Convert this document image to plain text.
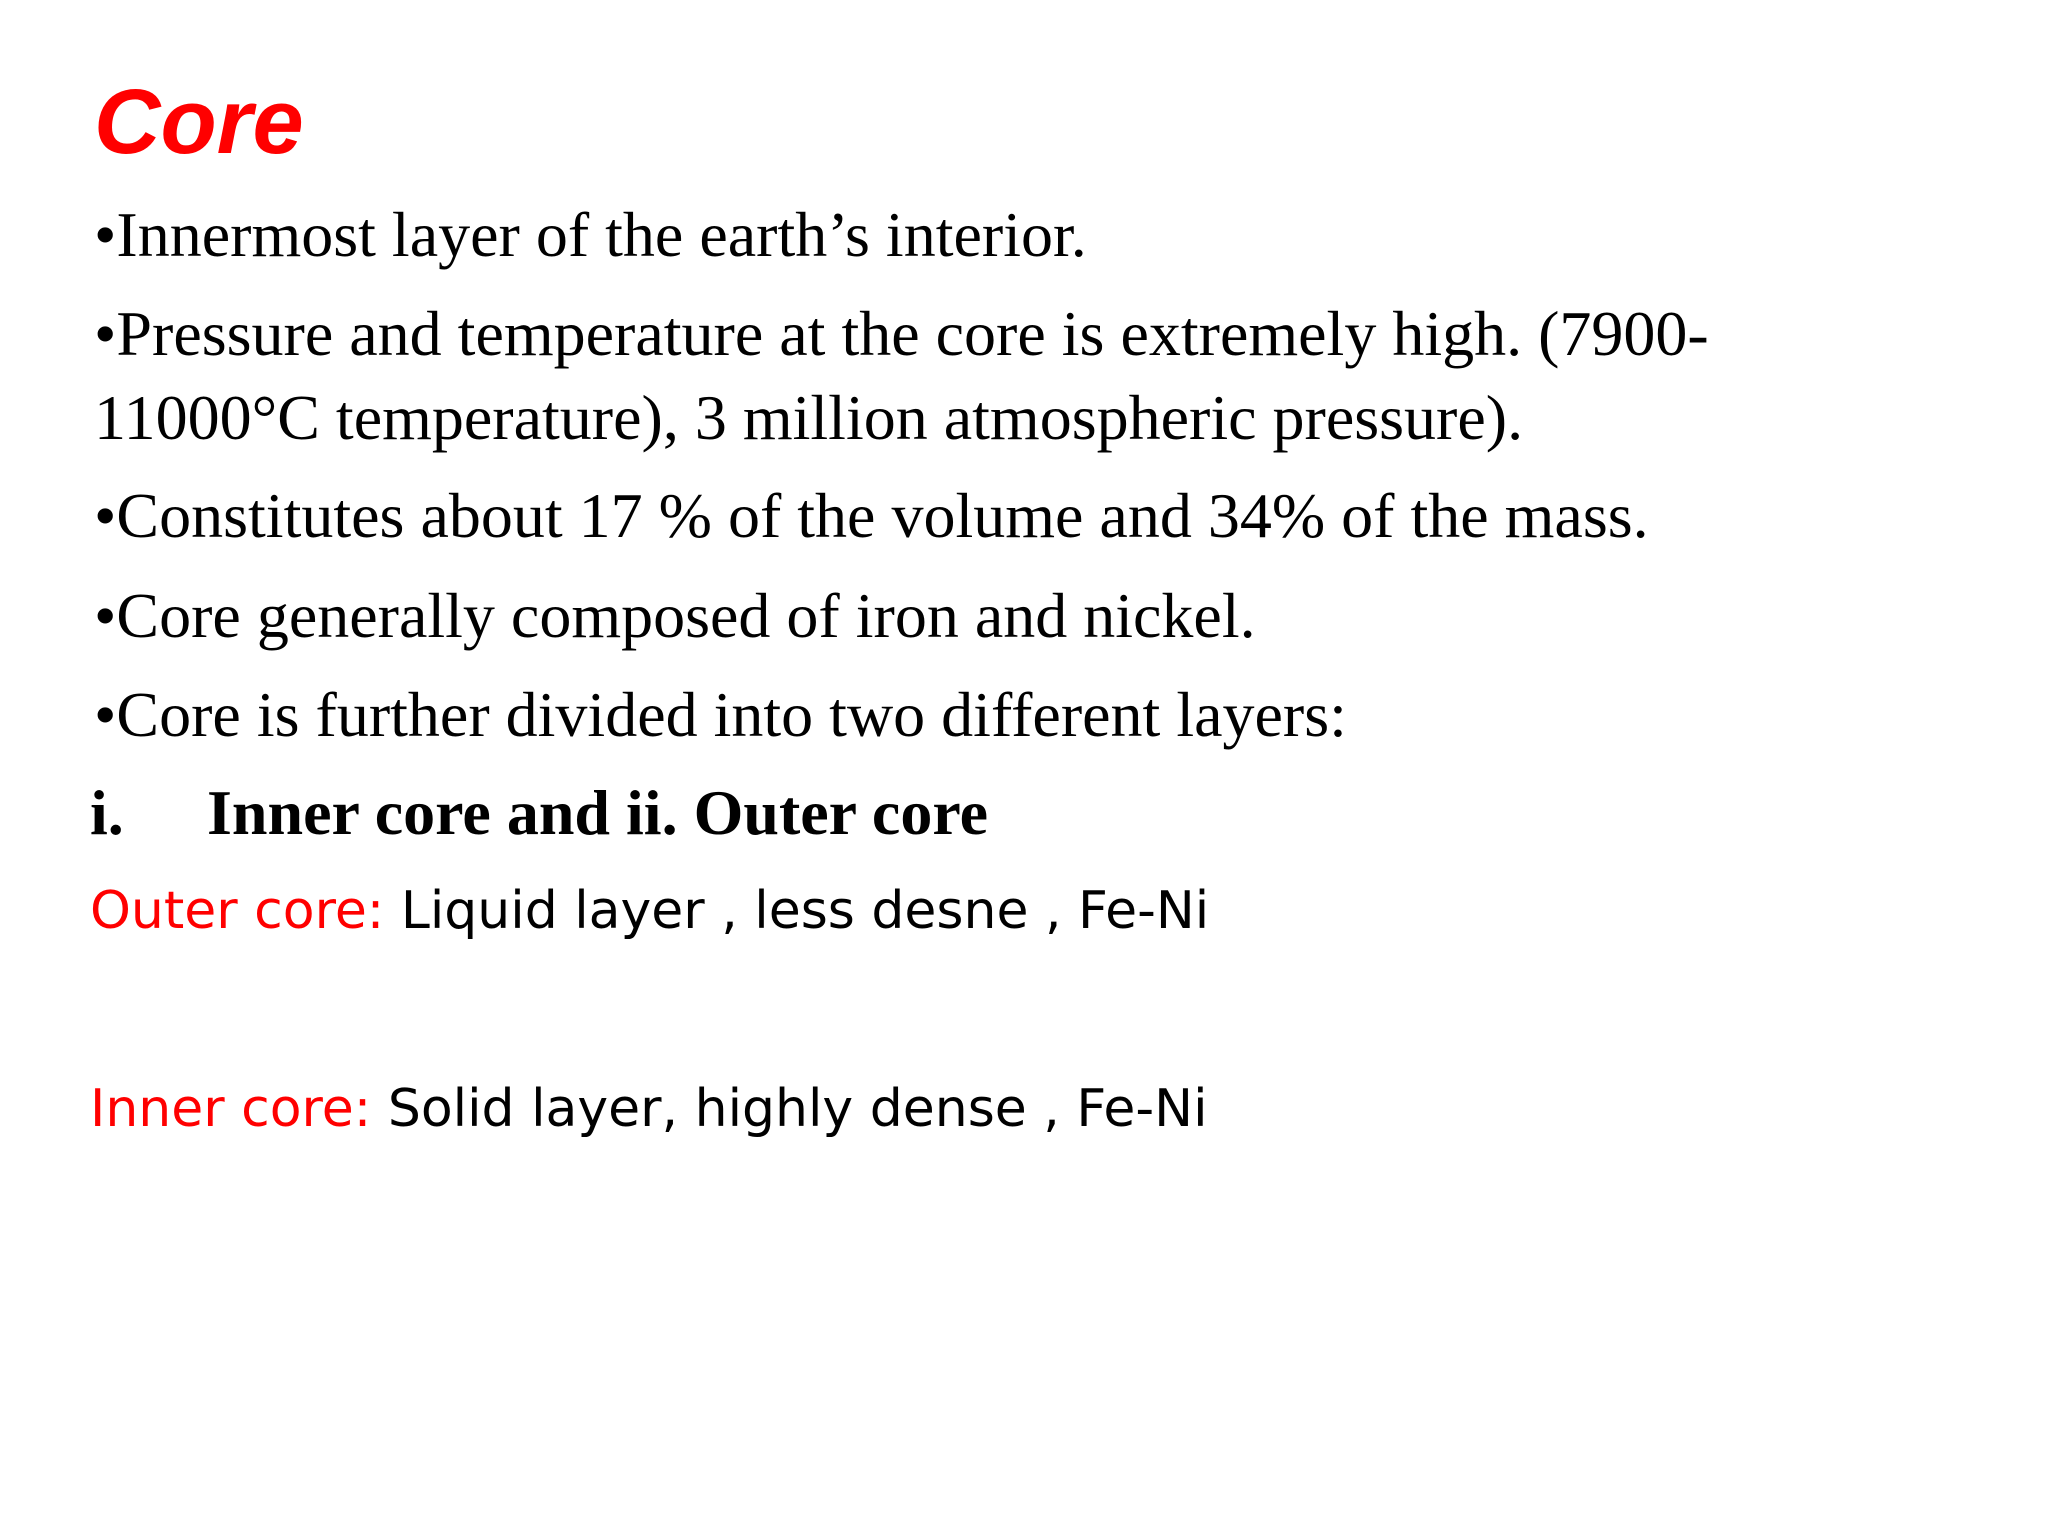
Core

•Innermost layer of the earth’s interior.

•Pressure and temperature at the core is extremely high. (7900-

11000°C temperature), 3 million atmospheric pressure).

•Constitutes about 17 % of the volume and 34% of the mass.

•Core generally composed of iron and nickel.

•Core is further divided into two different layers:

i. Inner core and ii. Outer core

Outer core: Liquid layer , less desne , Fe-Ni

Inner core: Solid layer, highly dense , Fe-Ni
